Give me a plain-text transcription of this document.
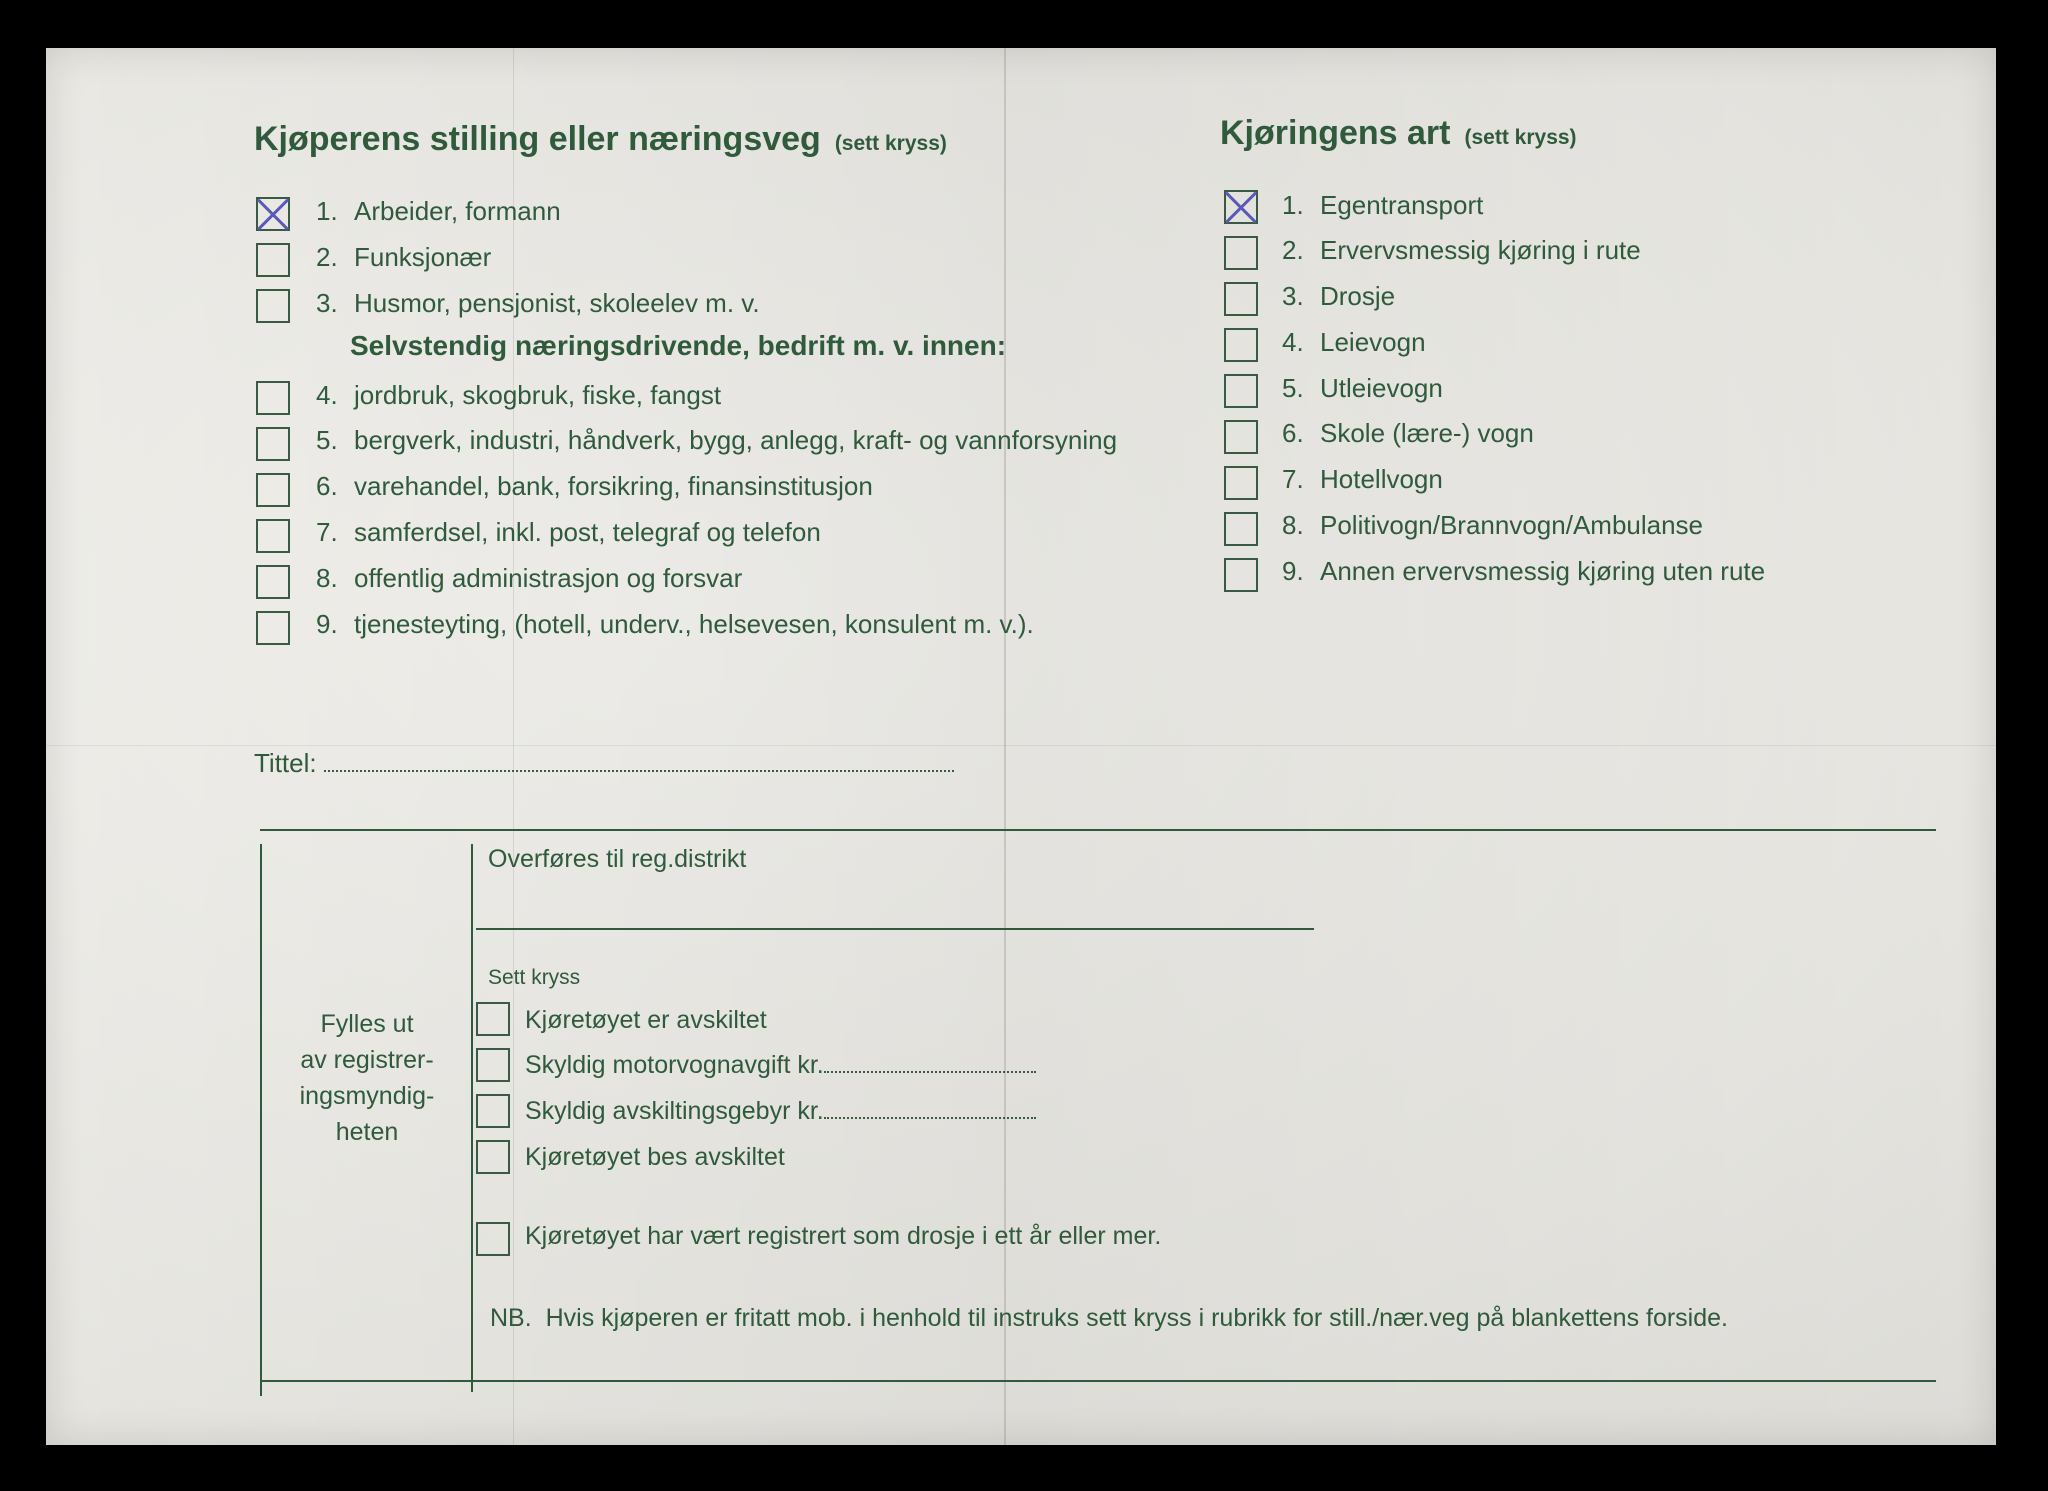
Kjøperens stilling eller næringsveg (sett kryss)
1. Arbeider, formann
2. Funksjonær
3. Husmor, pensjonist, skoleelev m. v.
Selvstendig næringsdrivende, bedrift m. v. innen:
4. jordbruk, skogbruk, fiske, fangst
5. bergverk, industri, håndverk, bygg, anlegg, kraft- og vannforsyning
6. varehandel, bank, forsikring, finansinstitusjon
7. samferdsel, inkl. post, telegraf og telefon
8. offentlig administrasjon og forsvar
9. tjenesteyting, (hotell, underv., helsevesen, konsulent m. v.).
Tittel:
Kjøringens art (sett kryss)
1. Egentransport
2. Ervervsmessig kjøring i rute
3. Drosje
4. Leievogn
5. Utleievogn
6. Skole (lære-) vogn
7. Hotellvogn
8. Politivogn/Brannvogn/Ambulanse
9. Annen ervervsmessig kjøring uten rute
Fylles ut
av registrer-
ingsmyndig-
heten
Overføres til reg.distrikt
Sett kryss
Kjøretøyet er avskiltet
Skyldig motorvognavgift kr.
Skyldig avskiltingsgebyr kr.
Kjøretøyet bes avskiltet
Kjøretøyet har vært registrert som drosje i ett år eller mer.
NB. Hvis kjøperen er fritatt mob. i henhold til instruks sett kryss i rubrikk for still./nær.veg på blankettens forside.
